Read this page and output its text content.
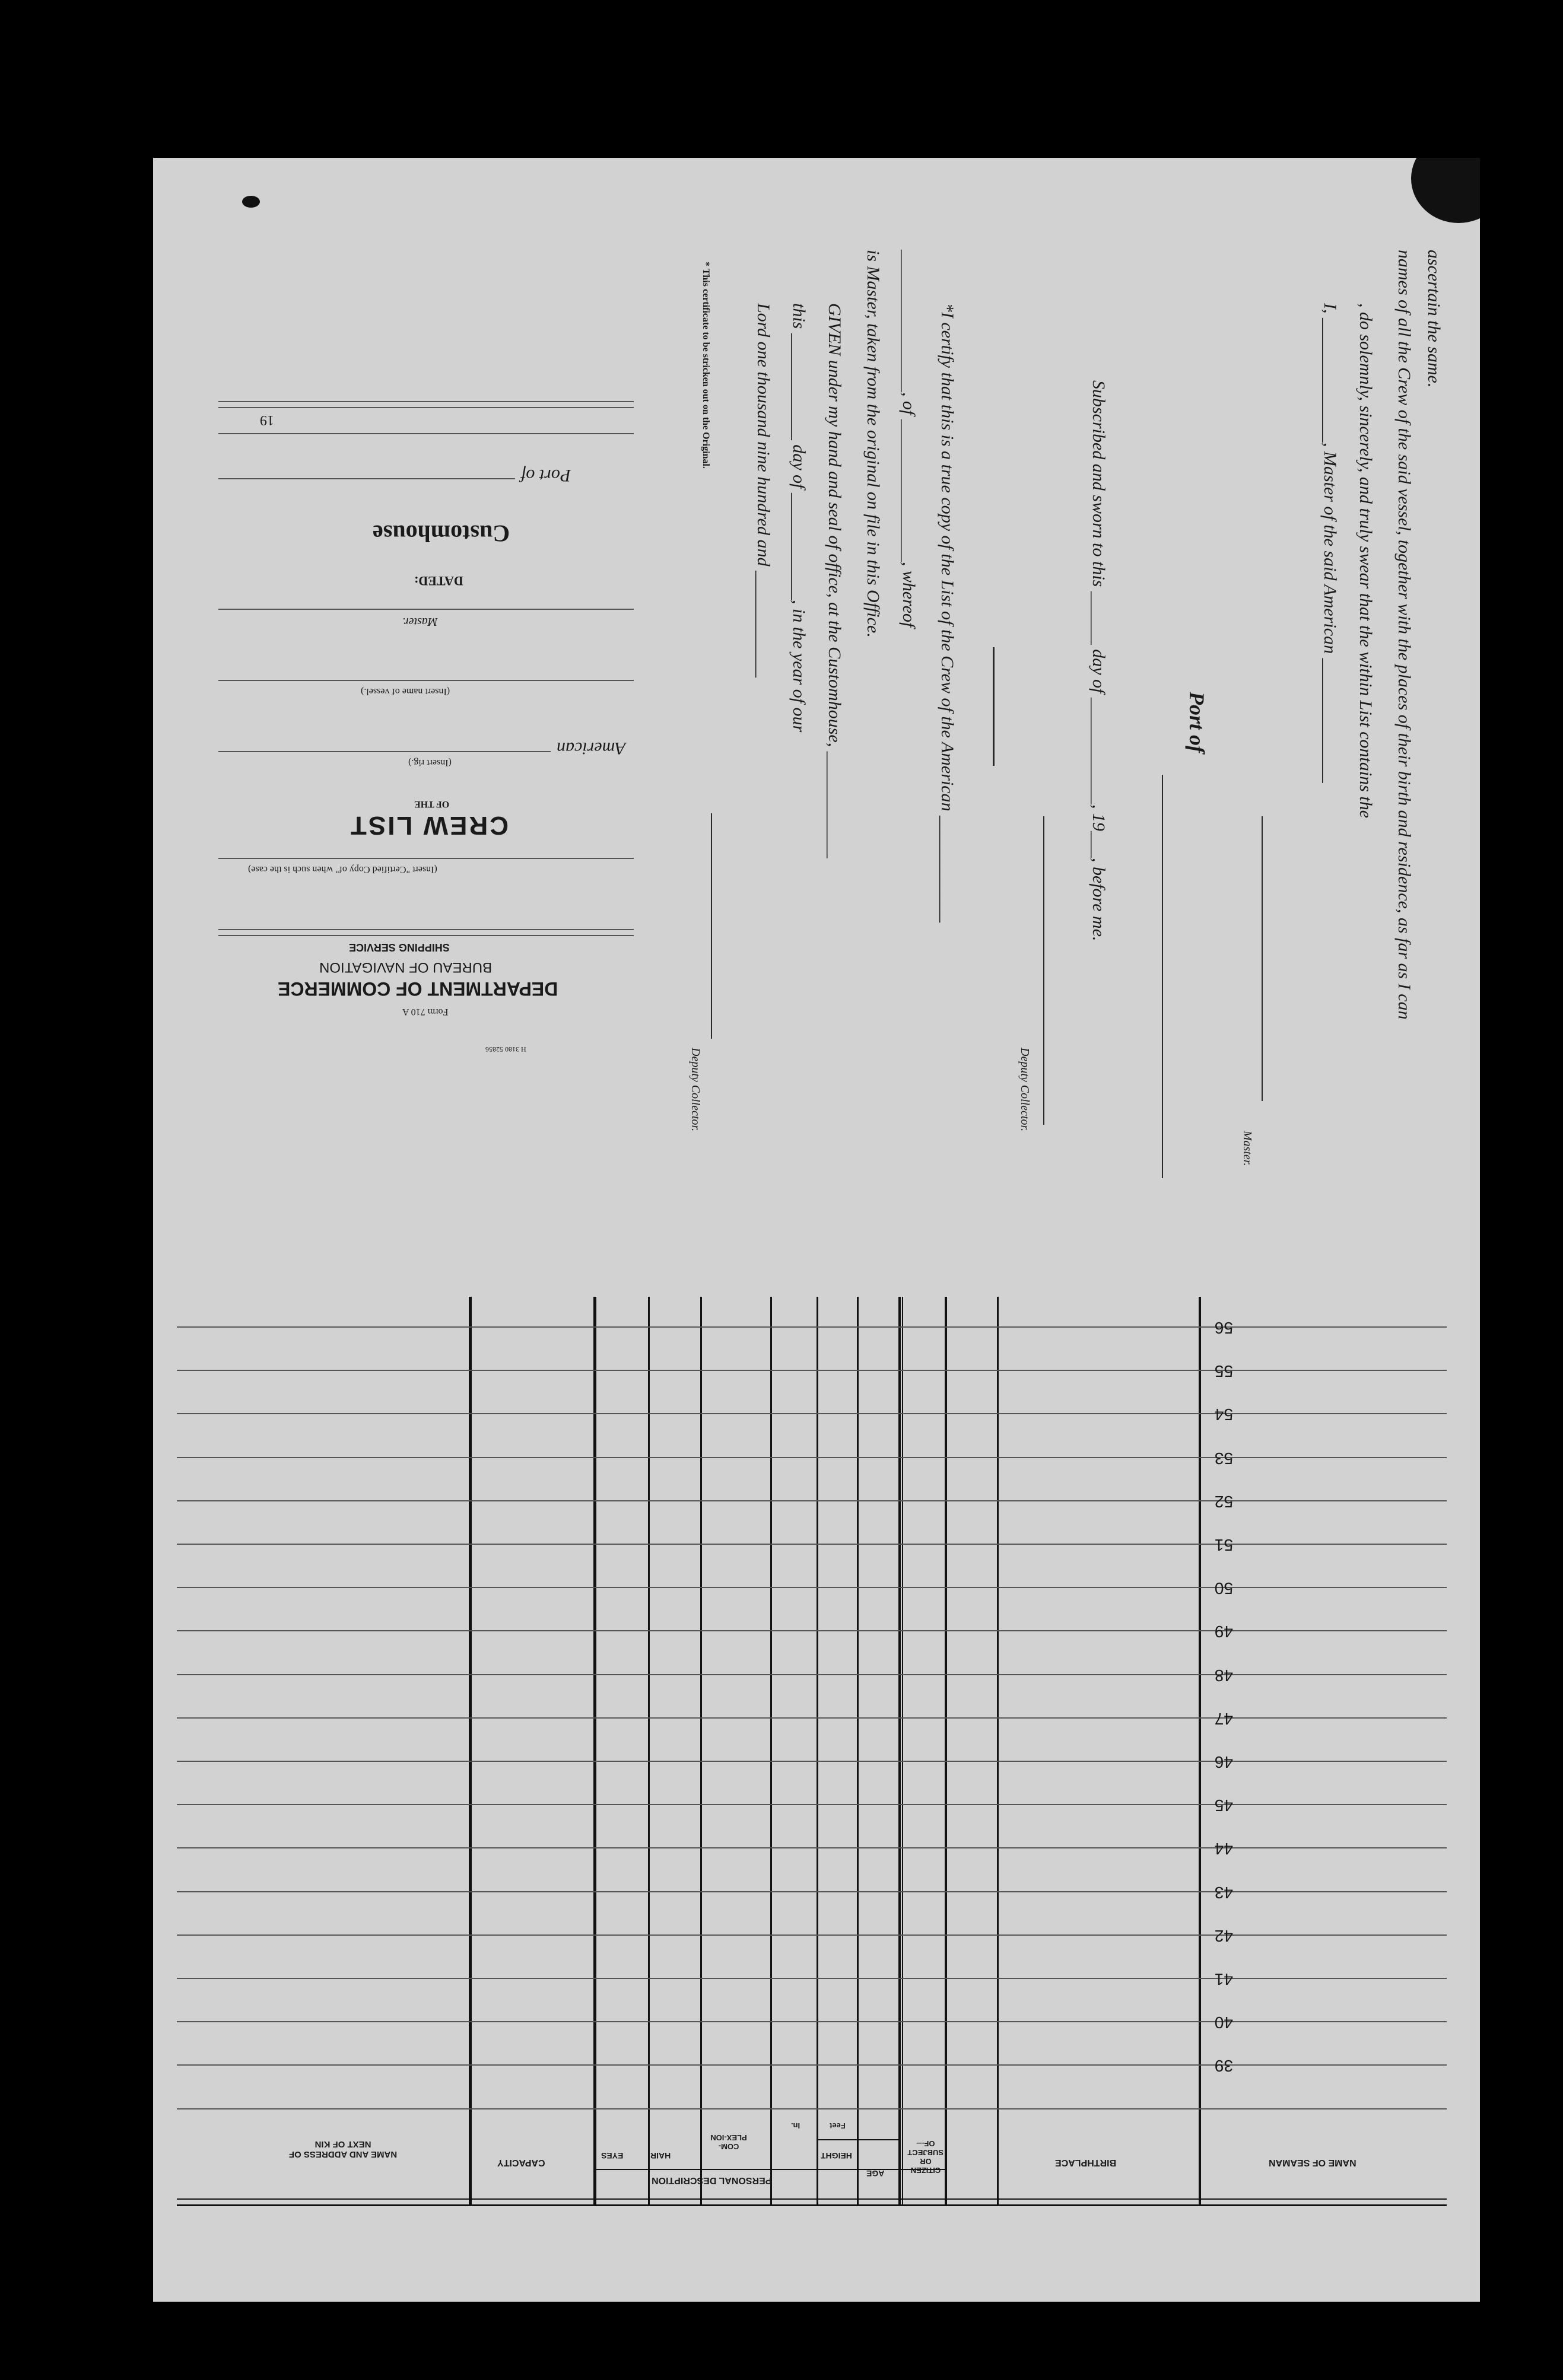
I, ______________, Master of the said American ______________ , do solemnly, sincerely, and truly swear that the within List contains the names of all the Crew of the said vessel, together with the places of their birth and residence, as far as I can ascertain the same.
Master.
Port of
Subscribed and sworn to this ______ day of ____________, 19___, before me.
Deputy Collector.
*I certify that this is a true copy of the List of the Crew of the American ____________
________________, of ________________, whereof
is Master, taken from the original on file in this Office.
GIVEN under my hand and seal of office, at the Customhouse, ____________
this ____________ day of ____________, in the year of our
Lord one thousand nine hundred and ____________
Deputy Collector.
* This certificate to be stricken out on the Original.
19
Port of
Customhouse
DATED:
Master.
(Insert name of vessel.)
American
(Insert rig.)
OF THE
CREW LIST
(Insert "Certified Copy of" when such is the case)
SHIPPING SERVICE
BUREAU OF NAVIGATION
DEPARTMENT OF COMMERCE
Form 710 A
H 3180 52856
56
55
54
53
52
51
50
49
48
47
46
45
44
43
42
41
40
39
NAME OF SEAMAN
BIRTHPLACE
CITIZEN OR SUBJECT OF—
AGE
PERSONAL DESCRIPTION
HEIGHT
Feet
In.
COM-PLEX-ION
HAIR
EYES
CAPACITY
NAME AND ADDRESS OF NEXT OF KIN
